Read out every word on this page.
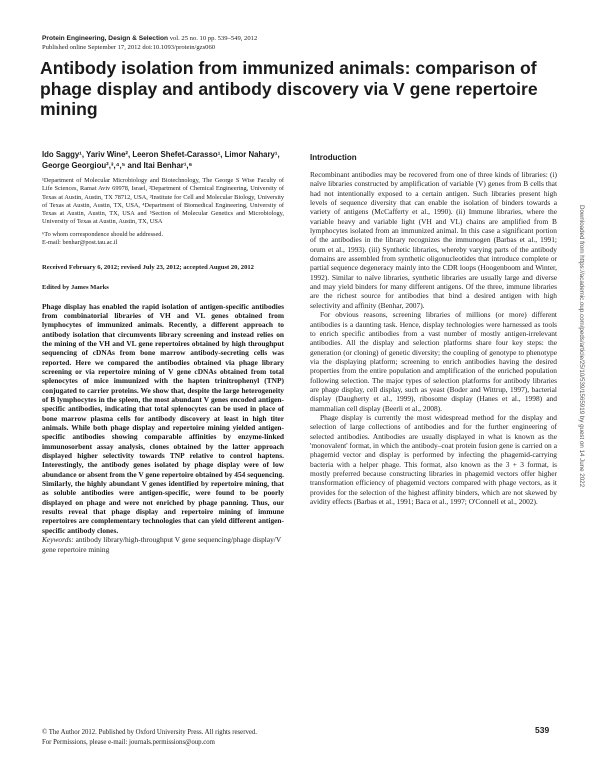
Protein Engineering, Design & Selection vol. 25 no. 10 pp. 539–549, 2012
Published online September 17, 2012 doi:10.1093/protein/gzs060
Antibody isolation from immunized animals: comparison of phage display and antibody discovery via V gene repertoire mining

Ido Saggy¹, Yariv Wine², Leeron Shefet-Carasso¹, Limor Nahary¹, George Georgiou²,³,⁴,⁵ and Itai Benhar¹,⁶

¹Department of Molecular Microbiology and Biotechnology, The George S Wise Faculty of Life Sciences, Ramat Aviv 69978, Israel, ²Department of Chemical Engineering, University of Texas at Austin, Austin, TX 78712, USA, ³Institute for Cell and Molecular Biology, University of Texas at Austin, Austin, TX, USA, ⁴Department of Biomedical Engineering, University of Texas at Austin, Austin, TX, USA and ⁵Section of Molecular Genetics and Microbiology, University of Texas at Austin, Austin, TX, USA

⁶To whom correspondence should be addressed.
E-mail: benhar@post.tau.ac.il

Received February 6, 2012; revised July 23, 2012; accepted August 20, 2012

Edited by James Marks

Phage display has enabled the rapid isolation of antigen-specific antibodies from combinatorial libraries of VH and VL genes obtained from lymphocytes of immunized animals. Recently, a different approach to antibody isolation that circumvents library screening and instead relies on the mining of the VH and VL gene repertoires obtained by high throughput sequencing of cDNAs from bone marrow antibody-secreting cells was reported. Here we compared the antibodies obtained via phage library screening or via repertoire mining of V gene cDNAs obtained from total splenocytes of mice immunized with the hapten trinitrophenyl (TNP) conjugated to carrier proteins. We show that, despite the large heterogeneity of B lymphocytes in the spleen, the most abundant V genes encoded antigen-specific antibodies, indicating that total splenocytes can be used in place of bone marrow plasma cells for antibody discovery at least in high titer animals. While both phage display and repertoire mining yielded antigen-specific antibodies showing comparable affinities by enzyme-linked immunosorbent assay analysis, clones obtained by the latter approach displayed higher selectivity towards TNP relative to control haptens. Interestingly, the antibody genes isolated by phage display were of low abundance or absent from the V gene repertoire obtained by 454 sequencing. Similarly, the highly abundant V genes identified by repertoire mining, that as soluble antibodies were antigen-specific, were found to be poorly displayed on phage and were not enriched by phage panning. Thus, our results reveal that phage display and repertoire mining of immune repertoires are complementary technologies that can yield different antigen-specific antibody clones.

Keywords: antibody library/high-throughput V gene sequencing/phage display/V gene repertoire mining

Introduction

Recombinant antibodies may be recovered from one of three kinds of libraries: (i) naïve libraries constructed by amplification of variable (V) genes from B cells that had not intentionally exposed to a certain antigen. Such libraries present high levels of sequence diversity that can enable the isolation of binders towards a variety of antigens (McCafferty et al., 1990). (ii) Immune libraries, where the variable heavy and variable light (VH and VL) chains are amplified from B lymphocytes isolated from an immunized animal. In this case a significant portion of the antibodies in the library recognizes the immunogen (Barbas et al., 1991; orum et al., 1993). (iii) Synthetic libraries, whereby varying parts of the antibody domains are assembled from synthetic oligonucleotides that introduce complete or partial sequence degeneracy mainly into the CDR loops (Hoogenboom and Winter, 1992). Similar to naïve libraries, synthetic libraries are usually large and diverse and may yield binders for many different antigens. Of the three, immune libraries are the richest source for antibodies that bind a desired antigen with high selectivity and affinity (Benhar, 2007).

For obvious reasons, screening libraries of millions (or more) different antibodies is a daunting task. Hence, display technologies were harnessed as tools to enrich specific antibodies from a vast number of mostly antigen-irrelevant antibodies. All the display and selection platforms share four key steps: the generation (or cloning) of genetic diversity; the coupling of genotype to phenotype via the displaying platform; screening to enrich antibodies having the desired properties from the entire population and amplification of the enriched population following selection. The major types of selection platforms for antibody libraries are phage display, cell display, such as yeast (Boder and Wittrup, 1997), bacterial display (Daugherty et al., 1999), ribosome display (Hanes et al., 1998) and mammalian cell display (Beerli et al., 2008).

Phage display is currently the most widespread method for the display and selection of large collections of antibodies and for the further engineering of selected antibodies. Antibodies are usually displayed in what is known as the 'monovalent' format, in which the antibody–coat protein fusion gene is carried on a phagemid vector and display is performed by infecting the phagemid-carrying bacteria with a helper phage. This format, also known as the 3 + 3 format, is mostly preferred because constructing libraries in phagemid vectors offer higher transformation efficiency of phagemid vectors compared with phage vectors, as it provides for the selection of the highest affinity binders, which are not skewed by avidity effects (Barbas et al., 1991; Baca et al., 1997; O'Connell et al., 2002).

Downloaded from https://academic.oup.com/peds/article/25/10/539/1565919 by guest on 14 June 2022
© The Author 2012. Published by Oxford University Press. All rights reserved.
For Permissions, please e-mail: journals.permissions@oup.com
539
